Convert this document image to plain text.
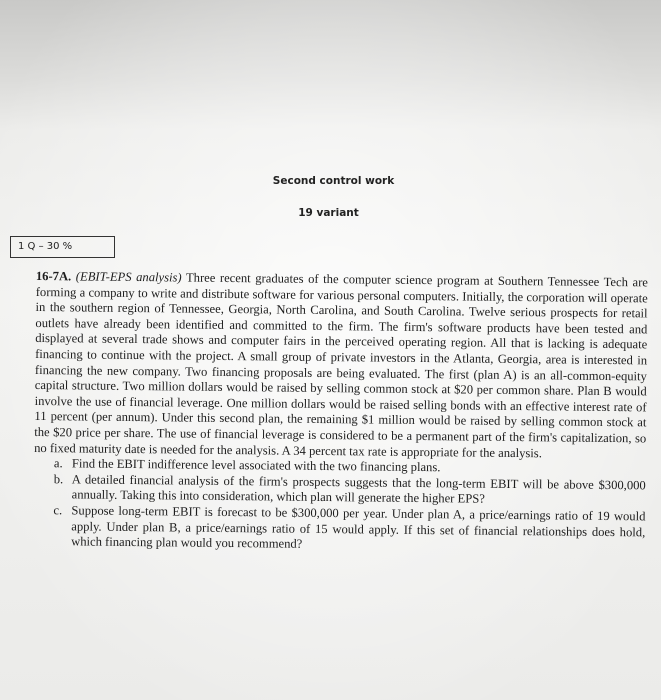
Second control work
19 variant
1 Q – 30 %

16-7A. (EBIT-EPS analysis) Three recent graduates of the computer science program at Southern Tennessee Tech are forming a company to write and distribute software for various personal computers. Initially, the corporation will operate in the southern region of Tennessee, Georgia, North Carolina, and South Carolina. Twelve serious prospects for retail outlets have already been identified and committed to the firm. The firm's software products have been tested and displayed at several trade shows and computer fairs in the perceived operating region. All that is lacking is adequate financing to continue with the project. A small group of private investors in the Atlanta, Georgia, area is interested in financing the new company. Two financing proposals are being evaluated. The first (plan A) is an all-common-equity capital structure. Two million dollars would be raised by selling common stock at $20 per common share. Plan B would involve the use of financial leverage. One million dollars would be raised selling bonds with an effective interest rate of 11 percent (per annum). Under this second plan, the remaining $1 million would be raised by selling common stock at the $20 price per share. The use of financial leverage is considered to be a permanent part of the firm's capitalization, so no fixed maturity date is needed for the analysis. A 34 percent tax rate is appropriate for the analysis.

a. Find the EBIT indifference level associated with the two financing plans.
b. A detailed financial analysis of the firm's prospects suggests that the long-term EBIT will be above $300,000 annually. Taking this into consideration, which plan will generate the higher EPS?
c. Suppose long-term EBIT is forecast to be $300,000 per year. Under plan A, a price/earnings ratio of 19 would apply. Under plan B, a price/earnings ratio of 15 would apply. If this set of financial relationships does hold, which financing plan would you recommend?
